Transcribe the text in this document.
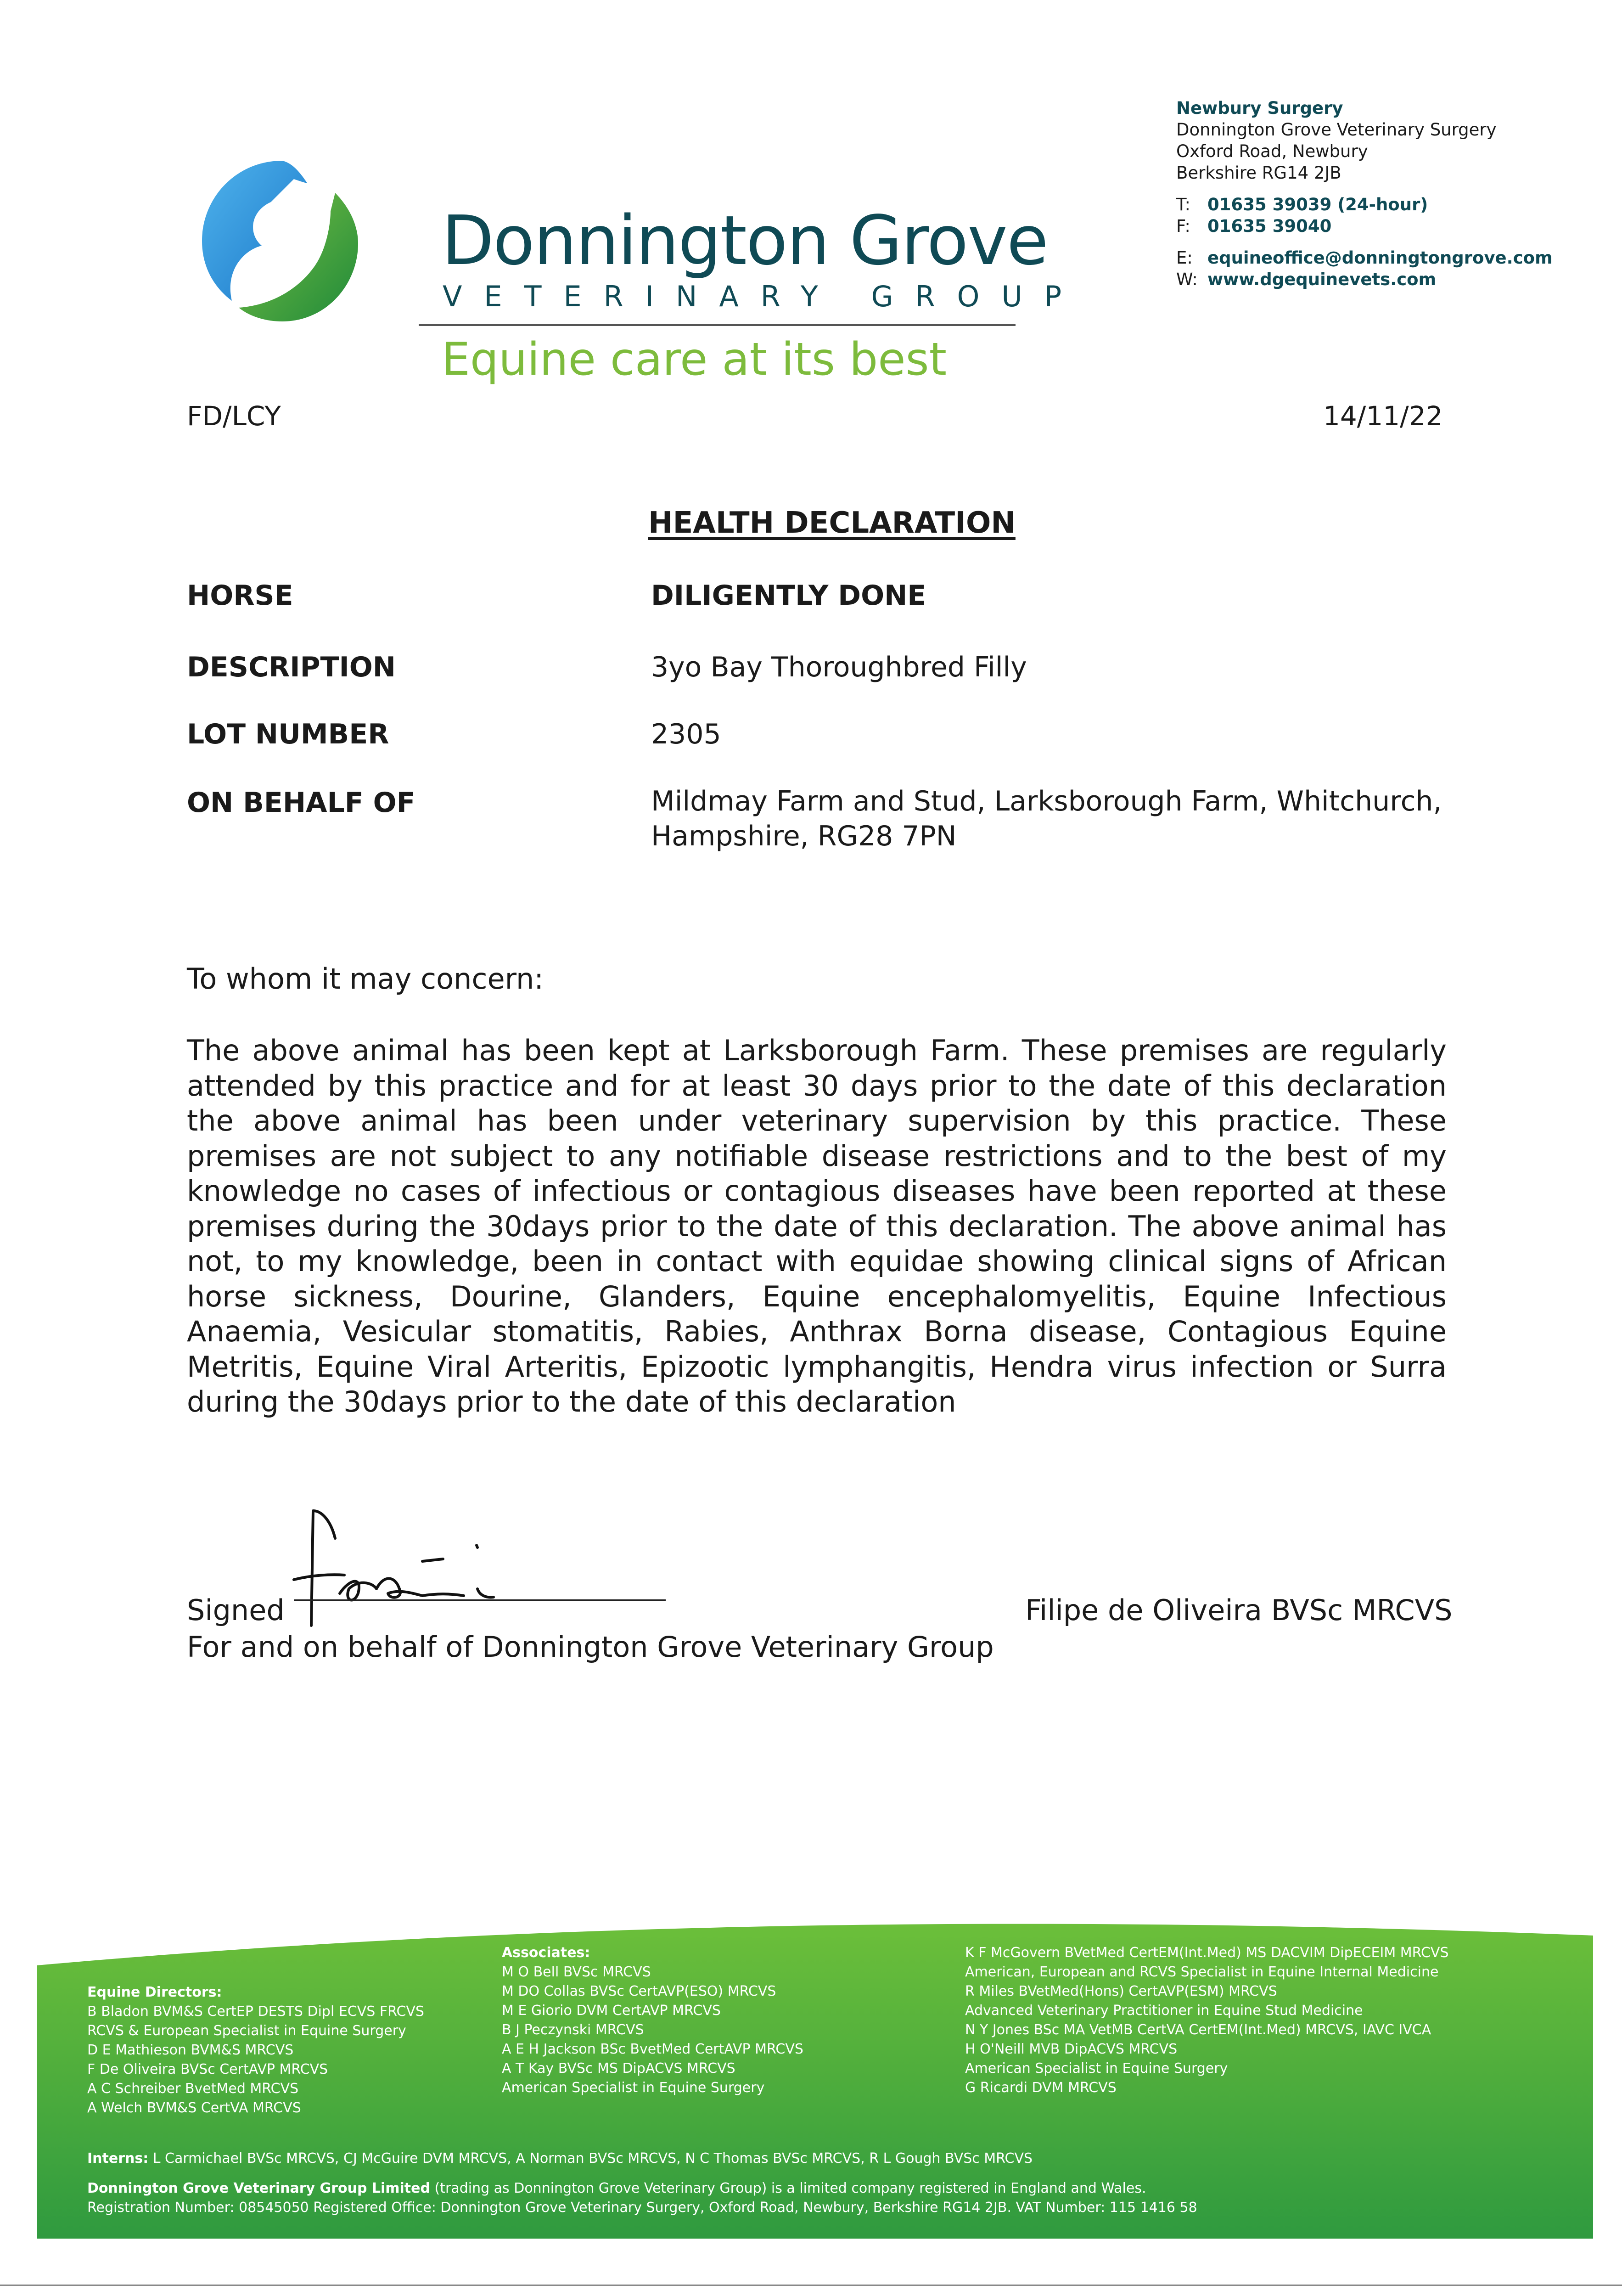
Donnington Grove
VETERINARY GROUP
Equine care at its best
Newbury Surgery
Donnington Grove Veterinary Surgery
Oxford Road, Newbury
Berkshire RG14 2JB
T: 01635 39039 (24-hour)
F: 01635 39040
E: equineoffice@donningtongrove.com
W: www.dgequinevets.com
FD/LCY	14/11/22
HEALTH DECLARATION
HORSE	DILIGENTLY DONE
DESCRIPTION	3yo Bay Thoroughbred Filly
LOT NUMBER	2305
ON BEHALF OF	Mildmay Farm and Stud, Larksborough Farm, Whitchurch, Hampshire, RG28 7PN
To whom it may concern:
The above animal has been kept at Larksborough Farm. These premises are regularly attended by this practice and for at least 30 days prior to the date of this declaration the above animal has been under veterinary supervision by this practice. These premises are not subject to any notifiable disease restrictions and to the best of my knowledge no cases of infectious or contagious diseases have been reported at these premises during the 30days prior to the date of this declaration. The above animal has not, to my knowledge, been in contact with equidae showing clinical signs of African horse sickness, Dourine, Glanders, Equine encephalomyelitis, Equine Infectious Anaemia, Vesicular stomatitis, Rabies, Anthrax Borna disease, Contagious Equine Metritis, Equine Viral Arteritis, Epizootic lymphangitis, Hendra virus infection or Surra during the 30days prior to the date of this declaration
Signed	Filipe de Oliveira BVSc MRCVS
For and on behalf of Donnington Grove Veterinary Group
Equine Directors:
B Bladon BVM&S CertEP DESTS Dipl ECVS FRCVS
RCVS & European Specialist in Equine Surgery
D E Mathieson BVM&S MRCVS
F De Oliveira BVSc CertAVP MRCVS
A C Schreiber BvetMed MRCVS
A Welch BVM&S CertVA MRCVS
Associates:
M O Bell BVSc MRCVS
M DO Collas BVSc CertAVP(ESO) MRCVS
M E Giorio DVM CertAVP MRCVS
B J Peczynski MRCVS
A E H Jackson BSc BvetMed CertAVP MRCVS
A T Kay BVSc MS DipACVS MRCVS
American Specialist in Equine Surgery
K F McGovern BVetMed CertEM(Int.Med) MS DACVIM DipECEIM MRCVS
American, European and RCVS Specialist in Equine Internal Medicine
R Miles BVetMed(Hons) CertAVP(ESM) MRCVS
Advanced Veterinary Practitioner in Equine Stud Medicine
N Y Jones BSc MA VetMB CertVA CertEM(Int.Med) MRCVS, IAVC IVCA
H O'Neill MVB DipACVS MRCVS
American Specialist in Equine Surgery
G Ricardi DVM MRCVS
Interns: L Carmichael BVSc MRCVS, CJ McGuire DVM MRCVS, A Norman BVSc MRCVS, N C Thomas BVSc MRCVS, R L Gough BVSc MRCVS
Donnington Grove Veterinary Group Limited (trading as Donnington Grove Veterinary Group) is a limited company registered in England and Wales.
Registration Number: 08545050 Registered Office: Donnington Grove Veterinary Surgery, Oxford Road, Newbury, Berkshire RG14 2JB. VAT Number: 115 1416 58
